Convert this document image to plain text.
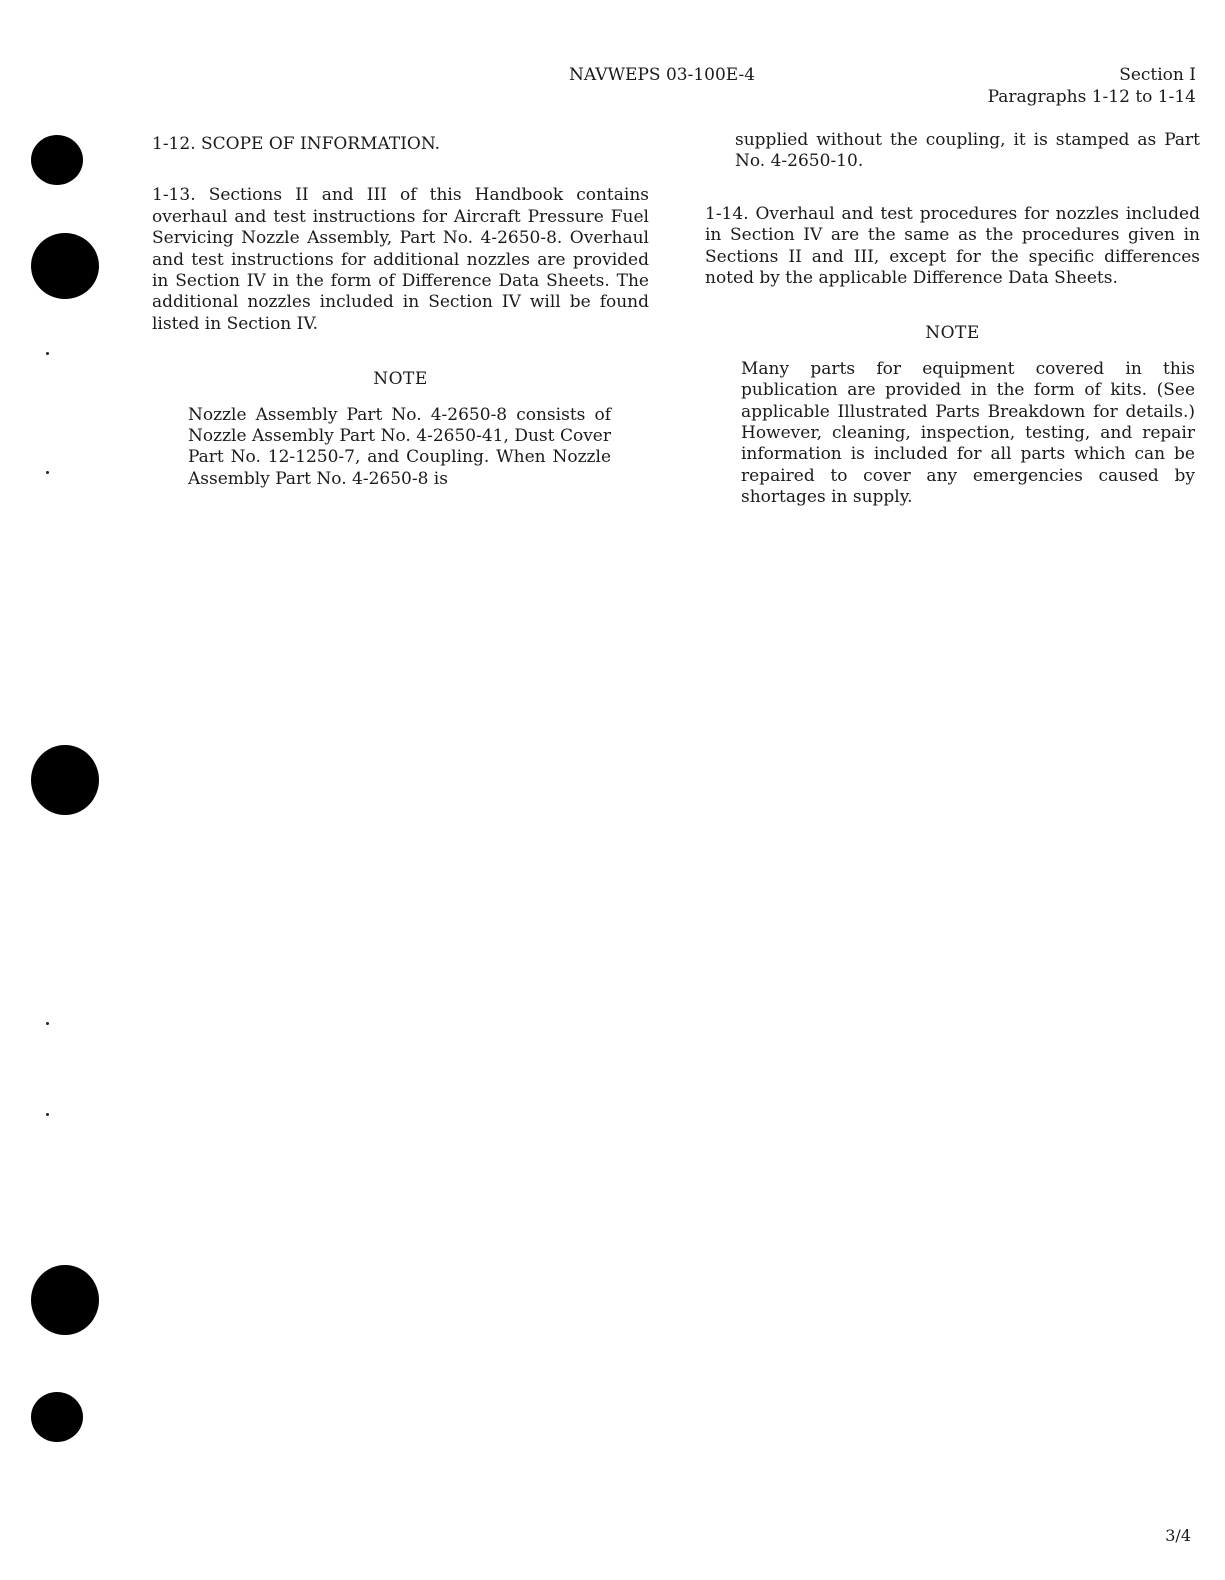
NAVWEPS 03-100E-4	Section I
Paragraphs 1-12 to 1-14

1-12. SCOPE OF INFORMATION.

1-13. Sections II and III of this Handbook contains overhaul and test instructions for Aircraft Pressure Fuel Servicing Nozzle Assembly, Part No. 4-2650-8. Overhaul and test instructions for additional nozzles are provided in Section IV in the form of Difference Data Sheets. The additional nozzles included in Section IV will be found listed in Section IV.

NOTE

Nozzle Assembly Part No. 4-2650-8 consists of Nozzle Assembly Part No. 4-2650-41, Dust Cover Part No. 12-1250-7, and Coupling. When Nozzle Assembly Part No. 4-2650-8 is

supplied without the coupling, it is stamped as Part No. 4-2650-10.

1-14. Overhaul and test procedures for nozzles included in Section IV are the same as the procedures given in Sections II and III, except for the specific differences noted by the applicable Difference Data Sheets.

NOTE

Many parts for equipment covered in this publication are provided in the form of kits. (See applicable Illustrated Parts Breakdown for details.) However, cleaning, inspection, testing, and repair information is included for all parts which can be repaired to cover any emergencies caused by shortages in supply.

3/4
